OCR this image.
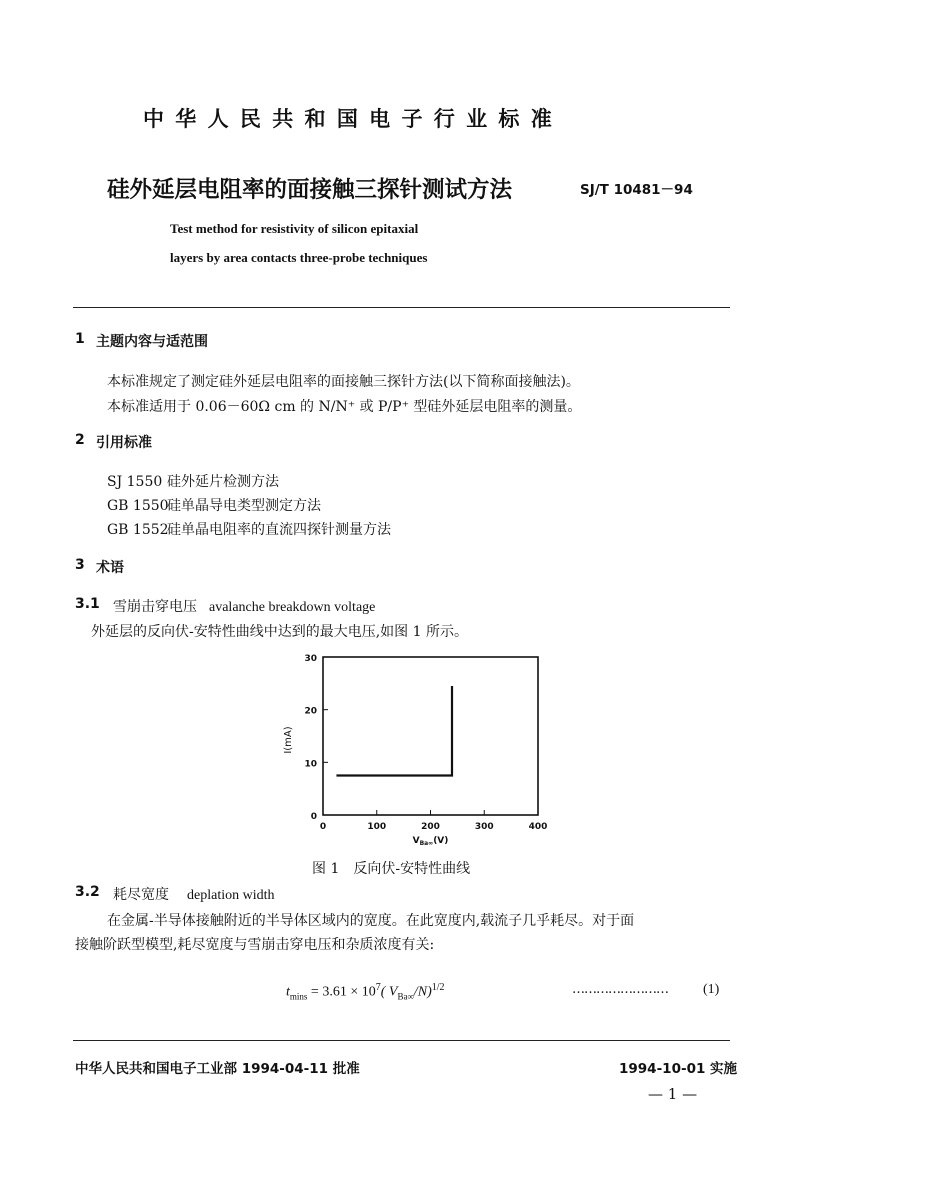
中 华 人 民 共 和 国 电 子 行 业 标 准
硅外延层电阻率的面接触三探针测试方法	SJ/T 10481－94
Test method for resistivity of silicon epitaxial
layers by area contacts three-probe techniques
1 主题内容与适范围
本标准规定了测定硅外延层电阻率的面接触三探针方法(以下简称面接触法)。
本标准适用于 0.06－60Ω cm 的 N/N⁺ 或 P/P⁺ 型硅外延层电阻率的测量。
2 引用标准
SJ 1550 硅外延片检测方法
GB 1550硅单晶导电类型测定方法
GB 1552硅单晶电阻率的直流四探针测量方法
3 术语
3.1 雪崩击穿电压 avalanche breakdown voltage
外延层的反向伏-安特性曲线中达到的最大电压,如图 1 所示。
0
10
20
30
0	100	200	300	400
I(mA)
$V_{Ba\infty}(V)$
图 1　反向伏-安特性曲线
3.2 耗尽宽度 deplation width
在金属-半导体接触附近的半导体区域内的宽度。在此宽度内,载流子几乎耗尽。对于面
接触阶跃型模型,耗尽宽度与雪崩击穿电压和杂质浓度有关:
$t_{mins} = 3.61 \times 10^7$( $V_{Ba\infty}/N)^{1/2}$	……………………	(1)
中华人民共和国电子工业部 1994-04-11 批准	1994-10-01 实施
— 1 —
